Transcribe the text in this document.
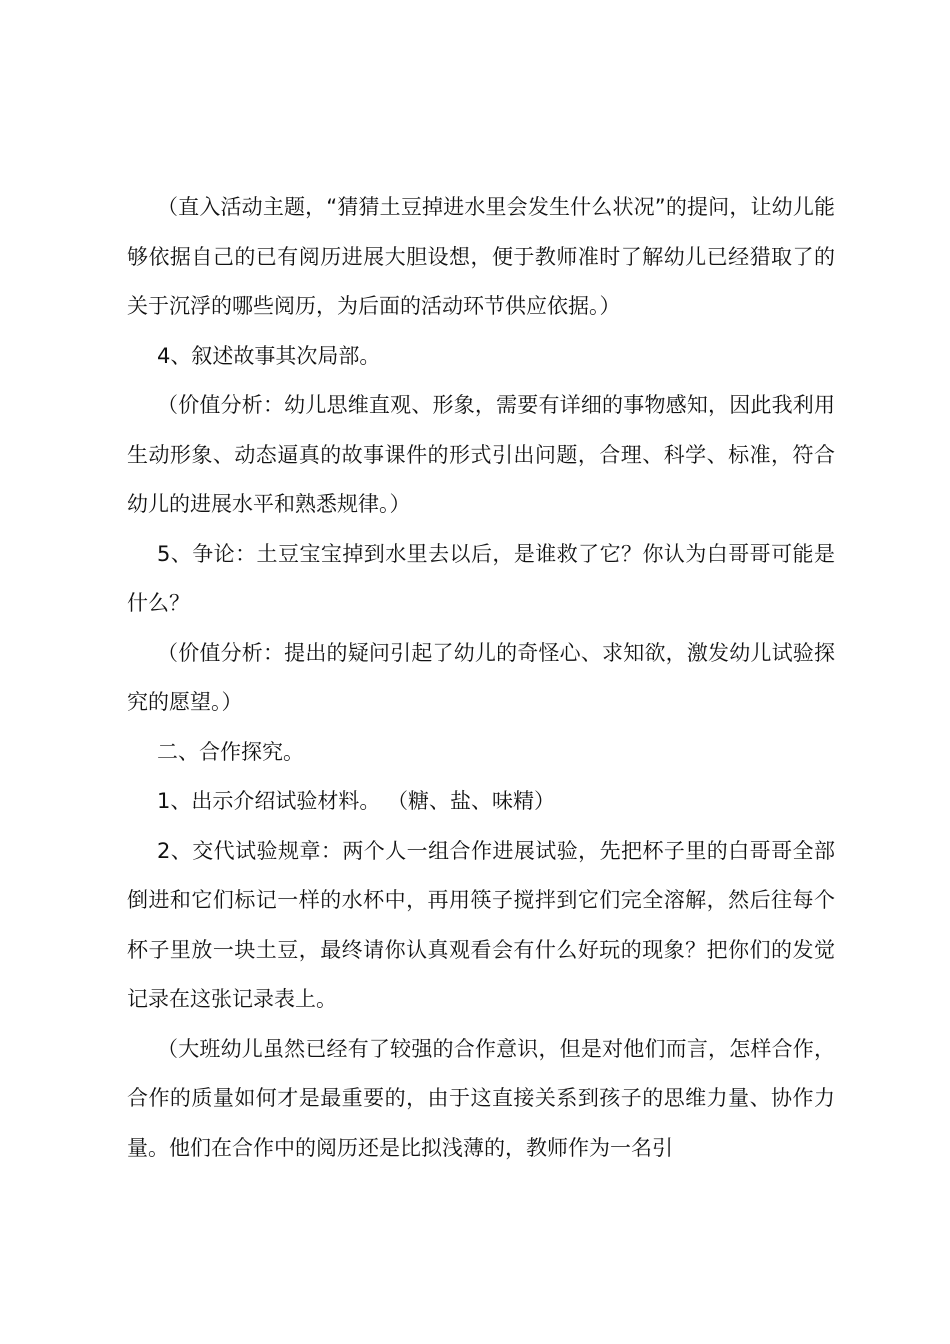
（直入活动主题，“猜猜土豆掉进水里会发生什么状况”的提问，让幼儿能够依据自己的已有阅历进展大胆设想，便于教师准时了解幼儿已经猎取了的关于沉浮的哪些阅历，为后面的活动环节供应依据。）

4、叙述故事其次局部。

（价值分析：幼儿思维直观、形象，需要有详细的事物感知，因此我利用生动形象、动态逼真的故事课件的形式引出问题，合理、科学、标准，符合幼儿的进展水平和熟悉规律。）

5、争论：土豆宝宝掉到水里去以后，是谁救了它？你认为白哥哥可能是什么？

（价值分析：提出的疑问引起了幼儿的奇怪心、求知欲，激发幼儿试验探究的愿望。）

二、合作探究。

1、出示介绍试验材料。 （糖、盐、味精）

2、交代试验规章：两个人一组合作进展试验，先把杯子里的白哥哥全部倒进和它们标记一样的水杯中，再用筷子搅拌到它们完全溶解，然后往每个杯子里放一块土豆，最终请你认真观看会有什么好玩的现象？把你们的发觉记录在这张记录表上。

（大班幼儿虽然已经有了较强的合作意识，但是对他们而言，怎样合作，合作的质量如何才是最重要的，由于这直接关系到孩子的思维力量、协作力量。他们在合作中的阅历还是比拟浅薄的，教师作为一名引
